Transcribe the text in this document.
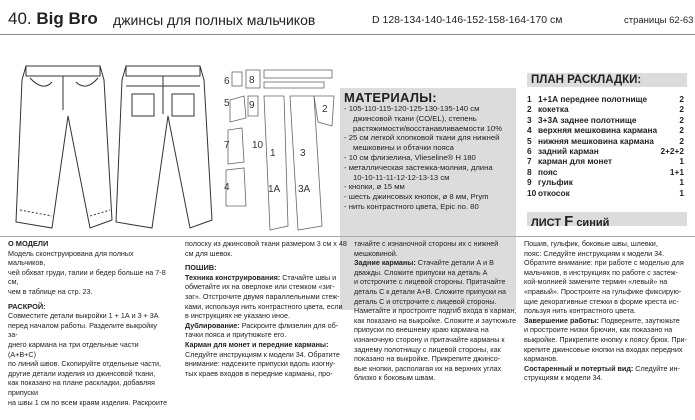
40. Big Bro джинсы для полных мальчиков	D 128-134-140-146-152-158-164-170 см	страницы 62-63
6 8
5 9
7 10
4
1
1А
3
3А
2
МАТЕРИАЛЫ:
- 105-110-115-120-125-130-135-140 см
джинсовой ткани (CO/EL), степень
растяжимости/восстанавливаемости 10%
- 25 см легкой хлопковой ткани для нижней
мешковины и обтачки пояса
- 10 см флизелина, Vlieseline® H 180
- металлическая застежка-молния, длина
10-10-11-11-12-12-13-13 см
- кнопки, ø 15 мм
- шесть джинсовых кнопок, ø 8 мм, Prym
- нить контрастного цвета, Epic no. 80
ПЛАН РАСКЛАДКИ:
1 1+1А переднее полотнище	2
2 кокетка	2
3 3+3А заднее полотнище	2
4 верхняя мешковина кармана	2
5 нижняя мешковина кармана	2
6 задний карман	2+2+2
7 карман для монет	1
8 пояс	1+1
9 гульфик	1
10 откосок	1
ЛИСТ F синий
О МОДЕЛИ
Модель сконструирована для полных мальчиков,
чей обхват груди, талии и бедер больше на 7-8 см,
чем в таблице на стр. 23.
РАСКРОЙ:
Совместите детали выкройки 1 + 1А и 3 + 3А
перед началом работы. Разделите выкройку за-
днего кармана на три отдельные части (А+В+С)
по линий швов. Скопируйте отдельные части,
другие детали изделия из джинсовой ткани,
как показано на плане раскладки, добавляя припуски
на швы 1 см по всем краям изделия. Раскроите
полоску из джинсовой ткани размером 3 см x 48
см для шевок.
ПОШИВ:
Техника конструирования: Стачайте швы и
обметайте их на оверлоке или стежком «зиг-
заг». Отстрочите двумя параллельными стеж-
ками, используя нить контрастного цвета, если
в инструкциях не указано иное.
Дублирование: Раскроите флизелин для об-
тачки пояса и приутюжьте его.
Карман для монет и передние карманы:
Следуйте инструкциям к модели 34. Обратите
внимание: надсеките припуски вдоль изогну-
тых краев входов в передние карманы, про-
тачайте с изнаночной стороны их с нижней
мешковиной.
Задние карманы: Стачайте детали А и В
дважды. Сложите припуски на деталь А
и отстрочите с лицевой стороны. Притачайте
деталь С к детали А+В. Сложите припуски на
деталь С и отстрочите с лицевой стороны.
Наметайте и простроите подгиб входа в карман,
как показано на выкройке. Сложите и заутюжьте
припуски по внешнему краю кармана на
изнаночную сторону и притачайте карманы к
заднему полотнищу с лицевой стороны, как
показано на выкройке. Прикрепите джинсо-
вые кнопки, располагая их на верхних углах
близко к боковым швам.
Пошив, гульфик, боковые швы, шлевки,
пояс: Следуйте инструкциям к модели 34.
Обратите внимание: при работе с моделью для
мальчиков, в инструкциях по работе с застеж-
кой-молнией замените термин «левый» на
«правый». Простроите на гульфике фиксирую-
щие декоративные стежки в форме креста ис-
пользуя нить контрастного цвета.
Завершение работы: Подверните, заутюжьте
и простроите низки брючин, как показано на
выкройке. Прикрепите кнопку к поясу брюк. При-
крепите джинсовые кнопки на входах передних
карманов.
Состаренный и потертый вид: Следуйте ин-
струкциям к модели 34.
